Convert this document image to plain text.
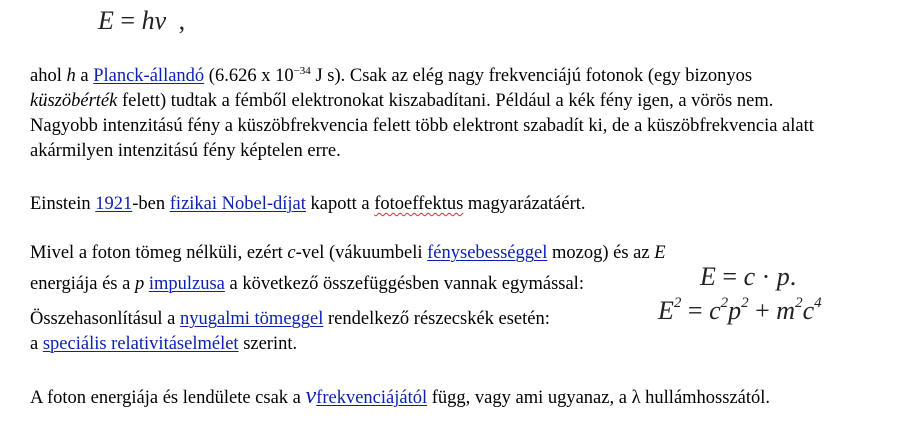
E = hν ,

ahol h a Planck-állandó (6.626 x $10^{-34}$ J s). Csak az elég nagy frekvenciájú fotonok (egy bizonyos küszöbérték felett) tudtak a fémből elektronokat kiszabadítani. Például a kék fény igen, a vörös nem. Nagyobb intenzitású fény a küszöbfrekvencia felett több elektront szabadít ki, de a küszöbfrekvencia alatt akármilyen intenzitású fény képtelen erre.

Einstein 1921-ben fizikai Nobel-díjat kapott a fotoeffektus magyarázatáért.

Mivel a foton tömeg nélküli, ezért c-vel (vákuumbeli fénysebességgel mozog) és az E

energiája és a p impulzusa a következő összefüggésben vannak egymással:	E = c · p.

Összehasonlításul a nyugalmi tömeggel rendelkező részecskék esetén:	$E^2 = c^2p^2 + m^2c^4$

a speciális relativitáselmélet szerint.

A foton energiája és lendülete csak a νfrekvenciájától függ, vagy ami ugyanaz, a λ hullámhosszától.
